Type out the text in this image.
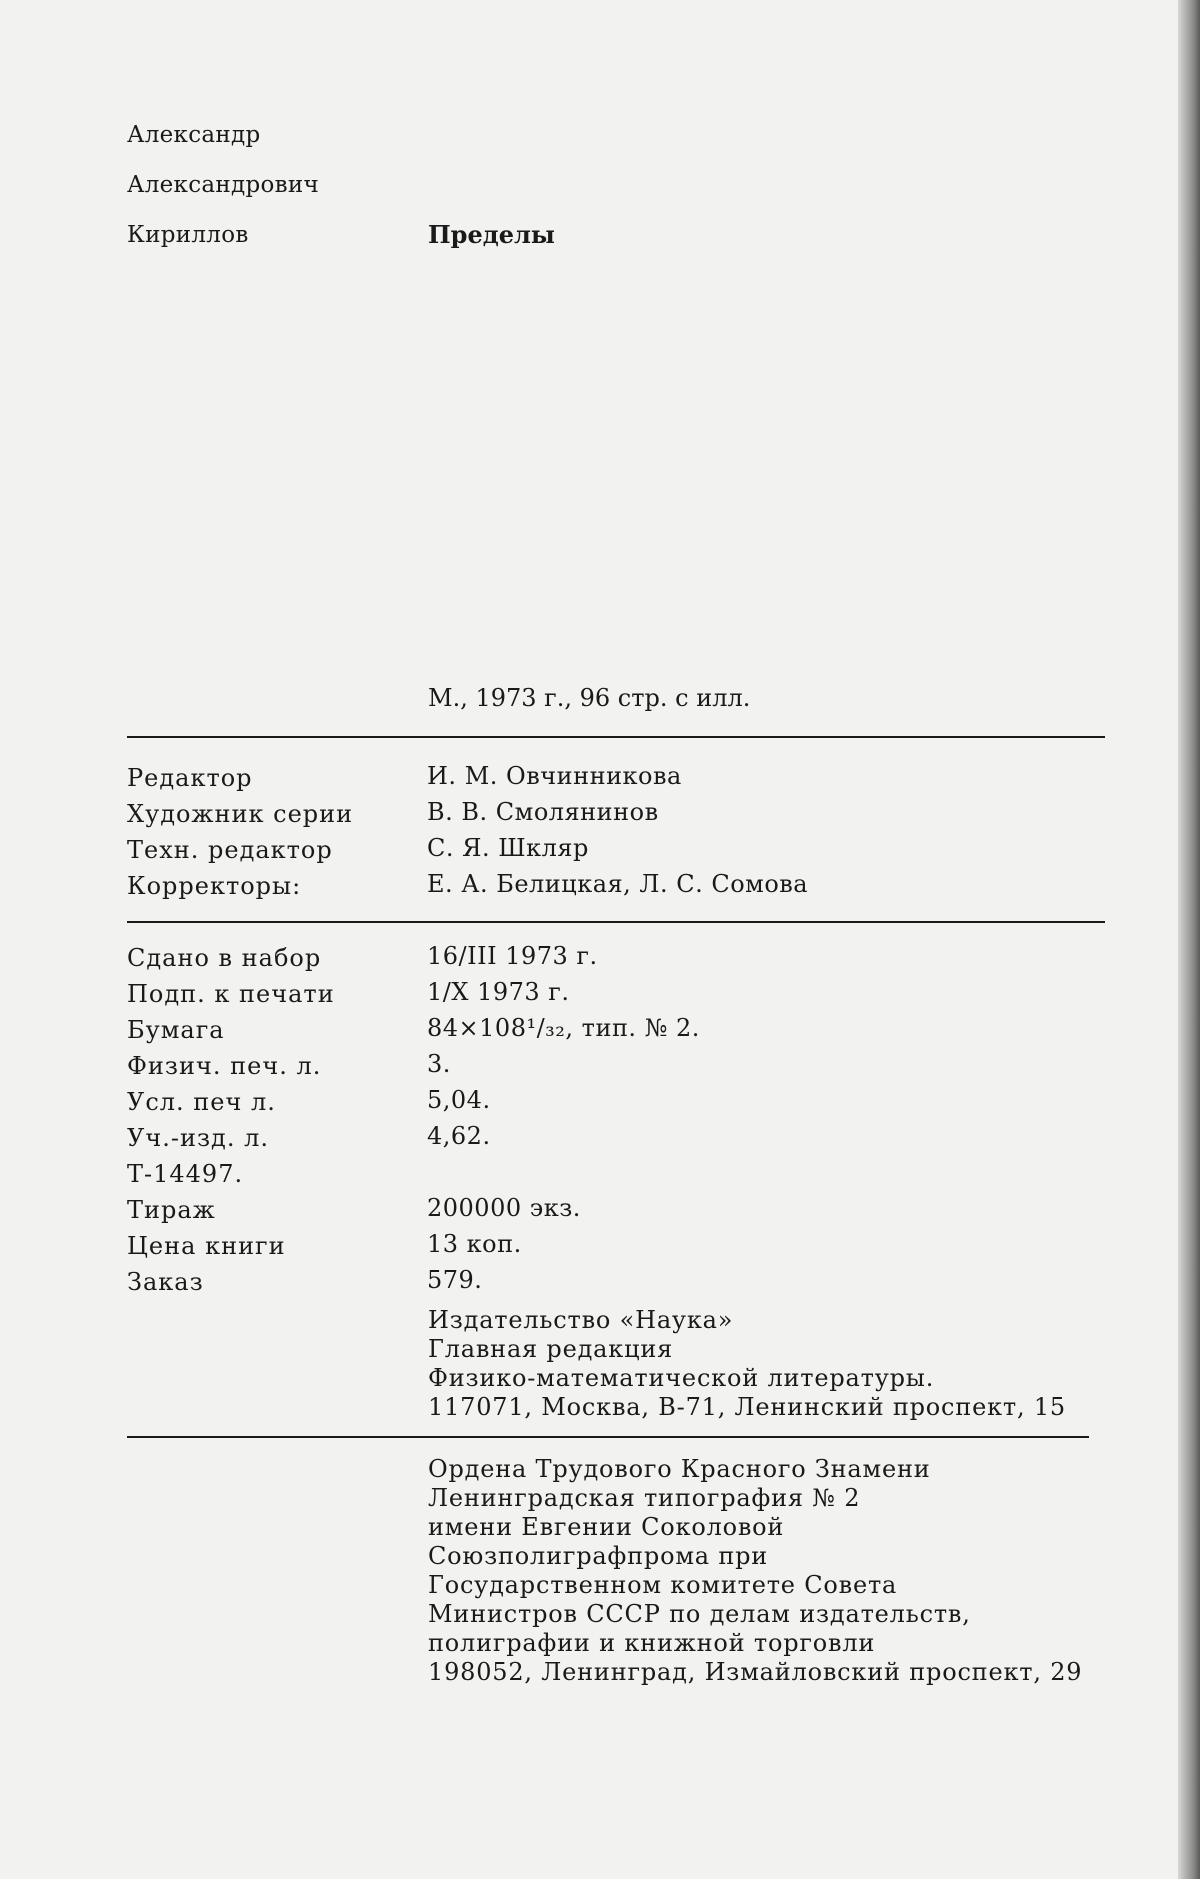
Александр
Александрович
Кириллов	Пределы
М., 1973 г., 96 стр. с илл.
Редактор	И. М. Овчинникова
Художник серии	В. В. Смолянинов
Техн. редактор	С. Я. Шкляр
Корректоры:	Е. А. Белицкая, Л. С. Сомова
Сдано в набор	16/III 1973 г.
Подп. к печати	1/X 1973 г.
Бумага	84×108¹/₃₂, тип. № 2.
Физич. печ. л.	3.
Усл. печ л.	5,04.
Уч.-изд. л.	4,62.
Т-14497.
Тираж	200000 экз.
Цена книги	13 коп.
Заказ	579.
Издательство «Наука»
Главная редакция
Физико-математической литературы.
117071, Москва, В-71, Ленинский проспект, 15
Ордена Трудового Красного Знамени
Ленинградская типография № 2
имени Евгении Соколовой
Союзполиграфпрома при
Государственном комитете Совета
Министров СССР по делам издательств,
полиграфии и книжной торговли
198052, Ленинград, Измайловский проспект, 29
